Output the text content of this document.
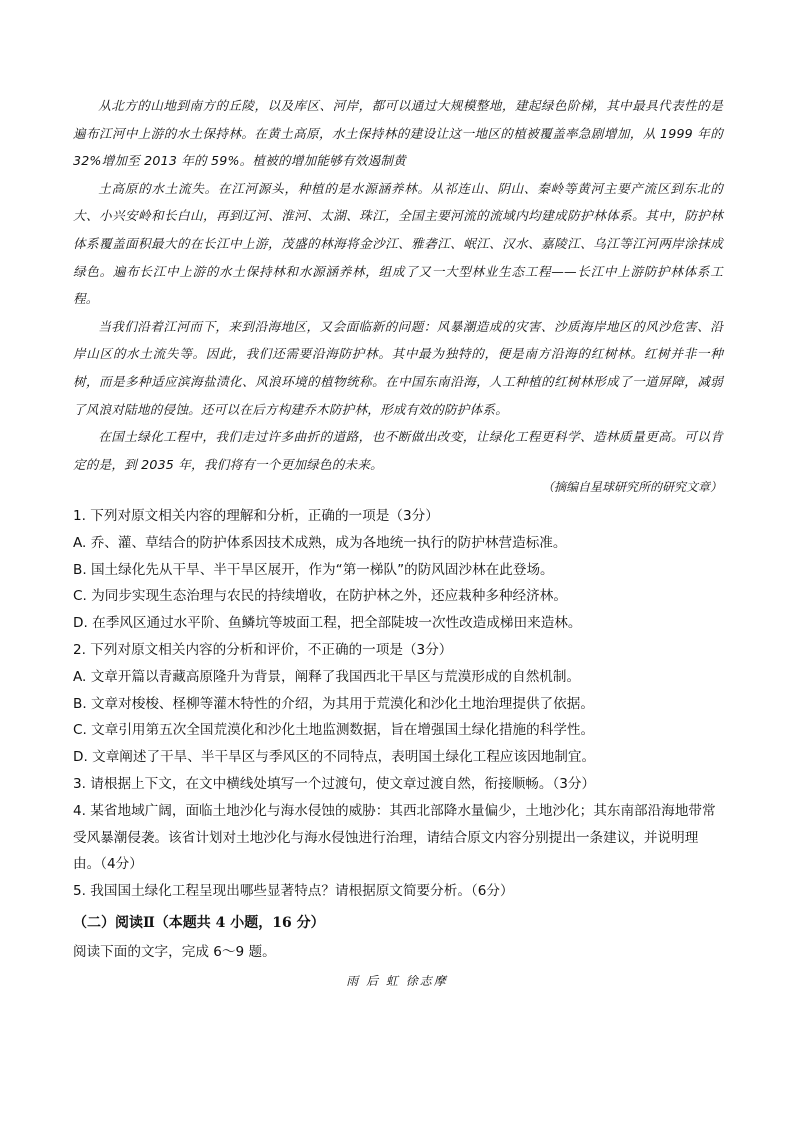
从北方的山地到南方的丘陵，以及库区、河岸，都可以通过大规模整地，建起绿色阶梯，其中最具代表性的是遍布江河中上游的水土保持林。在黄土高原，水土保持林的建设让这一地区的植被覆盖率急剧增加，从 1999 年的 32%增加至 2013 年的 59%。植被的增加能够有效遏制黄

土高原的水土流失。在江河源头，种植的是水源涵养林。从祁连山、阴山、秦岭等黄河主要产流区到东北的大、小兴安岭和长白山，再到辽河、淮河、太湖、珠江，全国主要河流的流域内均建成防护林体系。其中，防护林体系覆盖面积最大的在长江中上游，茂盛的林海将金沙江、雅砻江、岷江、汉水、嘉陵江、乌江等江河两岸涂抹成绿色。遍布长江中上游的水土保持林和水源涵养林，组成了又一大型林业生态工程——长江中上游防护林体系工程。

当我们沿着江河而下，来到沿海地区，又会面临新的问题：风暴潮造成的灾害、沙质海岸地区的风沙危害、沿岸山区的水土流失等。因此，我们还需要沿海防护林。其中最为独特的，便是南方沿海的红树林。红树并非一种树，而是多种适应滨海盐渍化、风浪环境的植物统称。在中国东南沿海，人工种植的红树林形成了一道屏障，减弱了风浪对陆地的侵蚀。还可以在后方构建乔木防护林，形成有效的防护体系。

在国土绿化工程中，我们走过许多曲折的道路，也不断做出改变，让绿化工程更科学、造林质量更高。可以肯定的是，到 2035 年，我们将有一个更加绿色的未来。

（摘编自星球研究所的研究文章）
1. 下列对原文相关内容的理解和分析，正确的一项是（3分）
A. 乔、灌、草结合的防护体系因技术成熟，成为各地统一执行的防护林营造标准。
B. 国土绿化先从干旱、半干旱区展开，作为“第一梯队”的防风固沙林在此登场。
C. 为同步实现生态治理与农民的持续增收，在防护林之外，还应栽种多种经济林。
D. 在季风区通过水平阶、鱼鳞坑等坡面工程，把全部陡坡一次性改造成梯田来造林。
2. 下列对原文相关内容的分析和评价，不正确的一项是（3分）
A. 文章开篇以青藏高原隆升为背景，阐释了我国西北干旱区与荒漠形成的自然机制。
B. 文章对梭梭、柽柳等灌木特性的介绍，为其用于荒漠化和沙化土地治理提供了依据。
C. 文章引用第五次全国荒漠化和沙化土地监测数据，旨在增强国土绿化措施的科学性。
D. 文章阐述了干旱、半干旱区与季风区的不同特点，表明国土绿化工程应该因地制宜。
3. 请根据上下文，在文中横线处填写一个过渡句，使文章过渡自然，衔接顺畅。（3分）
4. 某省地域广阔，面临土地沙化与海水侵蚀的威胁：其西北部降水量偏少，土地沙化；其东南部沿海地带常受风暴潮侵袭。该省计划对土地沙化与海水侵蚀进行治理，请结合原文内容分别提出一条建议，并说明理由。（4分）
5. 我国国土绿化工程呈现出哪些显著特点？请根据原文简要分析。（6分）
（二）阅读Ⅱ（本题共 4 小题，16 分）
阅读下面的文字，完成 6～9 题。
雨 后 虹 徐志摩
